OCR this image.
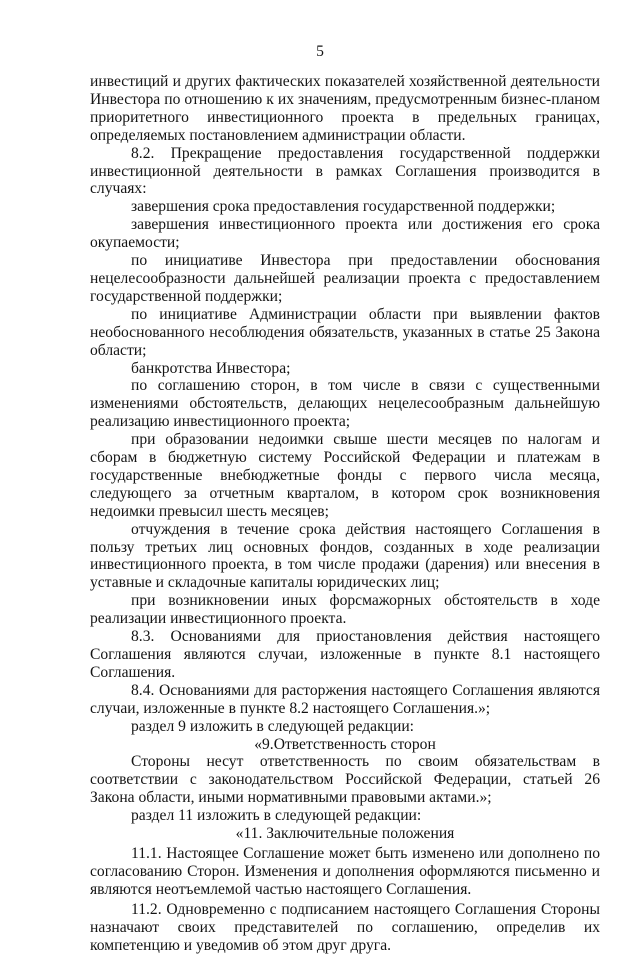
5

инвестиций и других фактических показателей хозяйственной деятельности Инвестора по отношению к их значениям, предусмотренным бизнес-планом приоритетного инвестиционного проекта в предельных границах, определяемых постановлением администрации области.

8.2. Прекращение предоставления государственной поддержки инвестиционной деятельности в рамках Соглашения производится в случаях:

завершения срока предоставления государственной поддержки;

завершения инвестиционного проекта или достижения его срока окупаемости;

по инициативе Инвестора при предоставлении обоснования нецелесообразности дальнейшей реализации проекта с предоставлением государственной поддержки;

по инициативе Администрации области при выявлении фактов необоснованного несоблюдения обязательств, указанных в статье 25 Закона области;

банкротства Инвестора;

по соглашению сторон, в том числе в связи с существенными изменениями обстоятельств, делающих нецелесообразным дальнейшую реализацию инвестиционного проекта;

при образовании недоимки свыше шести месяцев по налогам и сборам в бюджетную систему Российской Федерации и платежам в государственные внебюджетные фонды с первого числа месяца, следующего за отчетным кварталом, в котором срок возникновения недоимки превысил шесть месяцев;

отчуждения в течение срока действия настоящего Соглашения в пользу третьих лиц основных фондов, созданных в ходе реализации инвестиционного проекта, в том числе продажи (дарения) или внесения в уставные и складочные капиталы юридических лиц;

при возникновении иных форсмажорных обстоятельств в ходе реализации инвестиционного проекта.

8.3. Основаниями для приостановления действия настоящего Соглашения являются случаи, изложенные в пункте 8.1 настоящего Соглашения.

8.4. Основаниями для расторжения настоящего Соглашения являются случаи, изложенные в пункте 8.2 настоящего Соглашения.»;

раздел 9 изложить в следующей редакции:

«9.Ответственность сторон

Стороны несут ответственность по своим обязательствам в соответствии с законодательством Российской Федерации, статьей 26 Закона области, иными нормативными правовыми актами.»;

раздел 11 изложить в следующей редакции:

«11. Заключительные положения

11.1. Настоящее Соглашение может быть изменено или дополнено по согласованию Сторон. Изменения и дополнения оформляются письменно и являются неотъемлемой частью настоящего Соглашения.

11.2. Одновременно с подписанием настоящего Соглашения Стороны назначают своих представителей по соглашению, определив их компетенцию и уведомив об этом друг друга.
